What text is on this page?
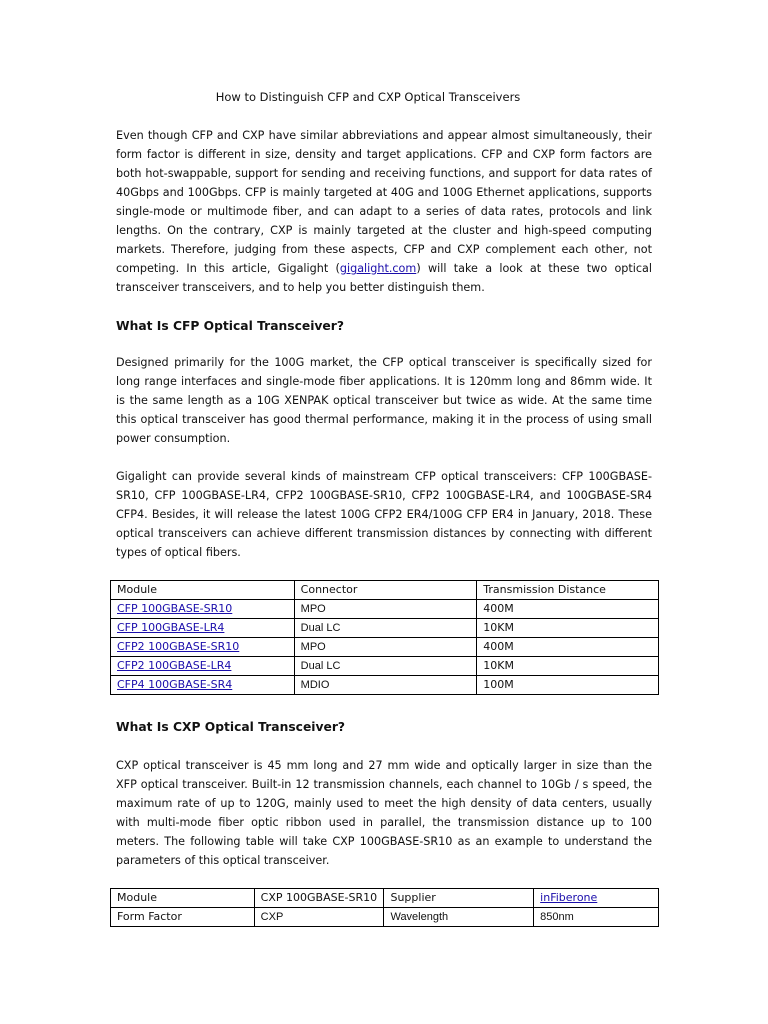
How to Distinguish CFP and CXP Optical Transceivers

Even though CFP and CXP have similar abbreviations and appear almost simultaneously, their form factor is different in size, density and target applications. CFP and CXP form factors are both hot-swappable, support for sending and receiving functions, and support for data rates of 40Gbps and 100Gbps. CFP is mainly targeted at 40G and 100G Ethernet applications, supports single-mode or multimode fiber, and can adapt to a series of data rates, protocols and link lengths. On the contrary, CXP is mainly targeted at the cluster and high-speed computing markets. Therefore, judging from these aspects, CFP and CXP complement each other, not competing. In this article, Gigalight (gigalight.com) will take a look at these two optical transceiver transceivers, and to help you better distinguish them.

What Is CFP Optical Transceiver?

Designed primarily for the 100G market, the CFP optical transceiver is specifically sized for long range interfaces and single-mode fiber applications. It is 120mm long and 86mm wide. It is the same length as a 10G XENPAK optical transceiver but twice as wide. At the same time this optical transceiver has good thermal performance, making it in the process of using small power consumption.

Gigalight can provide several kinds of mainstream CFP optical transceivers: CFP 100GBASE-SR10, CFP 100GBASE-LR4, CFP2 100GBASE-SR10, CFP2 100GBASE-LR4, and 100GBASE-SR4 CFP4. Besides, it will release the latest 100G CFP2 ER4/100G CFP ER4 in January, 2018. These optical transceivers can achieve different transmission distances by connecting with different types of optical fibers.

Module	Connector	Transmission Distance
CFP 100GBASE-SR10	MPO	400M
CFP 100GBASE-LR4	Dual LC	10KM
CFP2 100GBASE-SR10	MPO	400M
CFP2 100GBASE-LR4	Dual LC	10KM
CFP4 100GBASE-SR4	MDIO	100M

What Is CXP Optical Transceiver?

CXP optical transceiver is 45 mm long and 27 mm wide and optically larger in size than the XFP optical transceiver. Built-in 12 transmission channels, each channel to 10Gb / s speed, the maximum rate of up to 120G, mainly used to meet the high density of data centers, usually with multi-mode fiber optic ribbon used in parallel, the transmission distance up to 100 meters. The following table will take CXP 100GBASE-SR10 as an example to understand the parameters of this optical transceiver.

Module	CXP 100GBASE-SR10	Supplier	inFiberone
Form Factor	CXP	Wavelength	850nm
